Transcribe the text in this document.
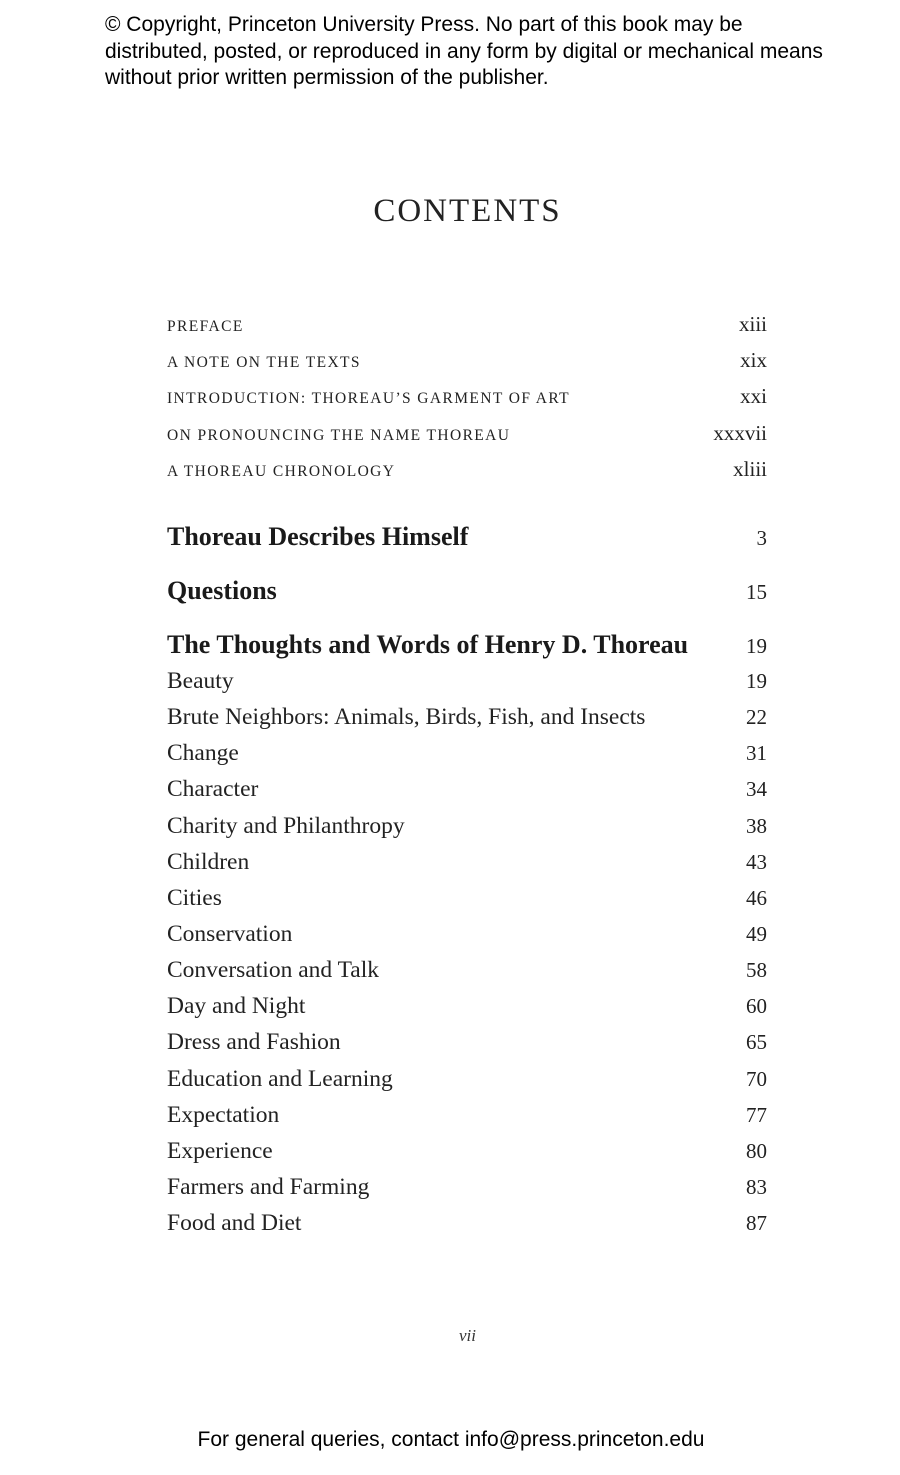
© Copyright, Princeton University Press. No part of this book may be distributed, posted, or reproduced in any form by digital or mechanical means without prior written permission of the publisher.
CONTENTS
PREFACE	xiii
A NOTE ON THE TEXTS	xix
INTRODUCTION: THOREAU’S GARMENT OF ART	xxi
ON PRONOUNCING THE NAME THOREAU	xxxvii
A THOREAU CHRONOLOGY	xliii
Thoreau Describes Himself	3
Questions	15
The Thoughts and Words of Henry D. Thoreau	19
Beauty	19
Brute Neighbors: Animals, Birds, Fish, and Insects	22
Change	31
Character	34
Charity and Philanthropy	38
Children	43
Cities	46
Conservation	49
Conversation and Talk	58
Day and Night	60
Dress and Fashion	65
Education and Learning	70
Expectation	77
Experience	80
Farmers and Farming	83
Food and Diet	87
vii
For general queries, contact info@press.princeton.edu
